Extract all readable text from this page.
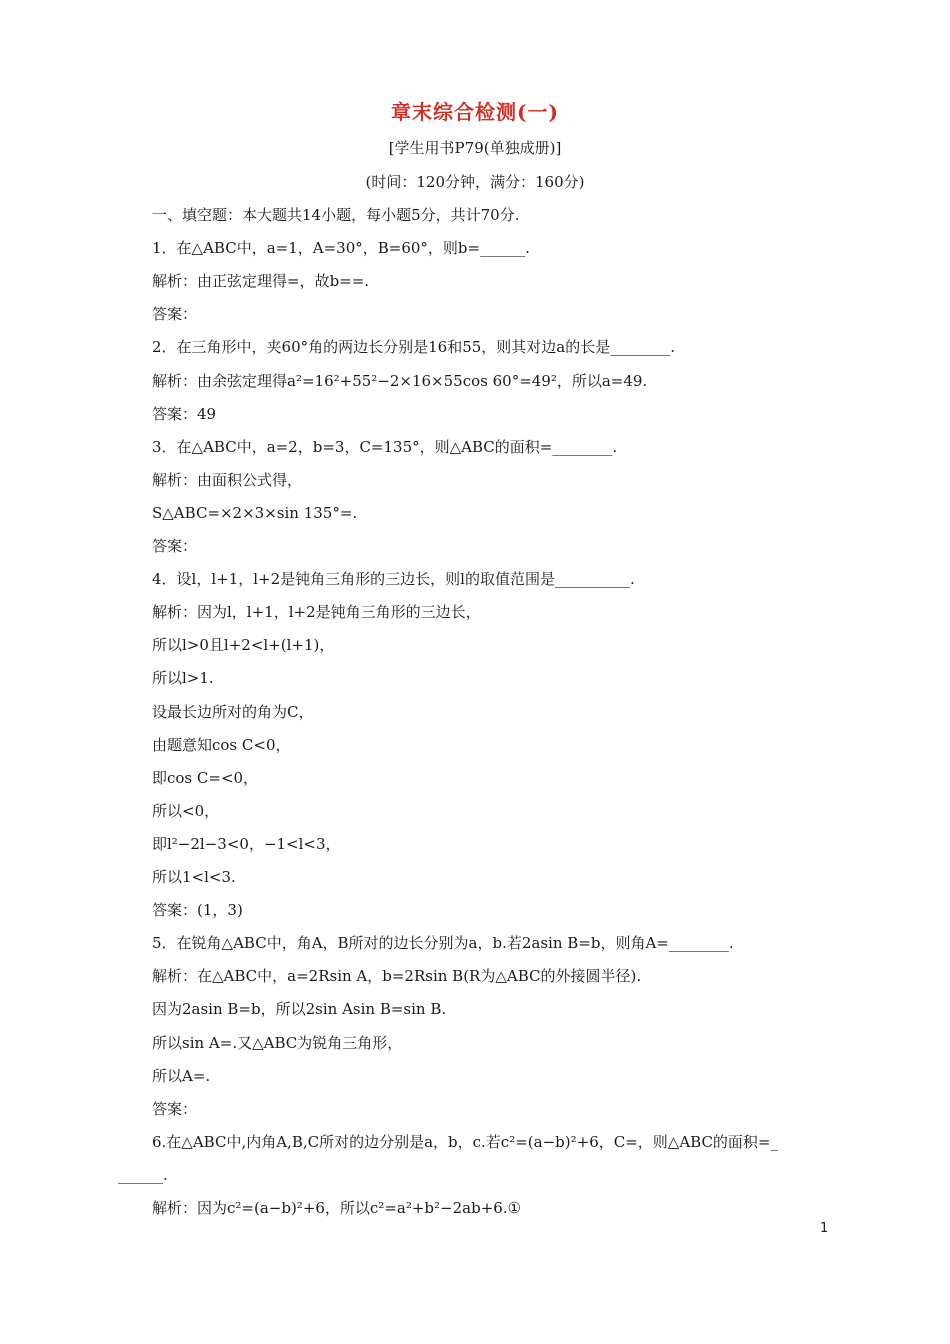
章末综合检测(一)
[学生用书P79(单独成册)]
(时间：120分钟，满分：160分)
一、填空题：本大题共14小题，每小题5分，共计70分.
1．在△ABC中，a=1，A=30°，B=60°，则b=______.
解析：由正弦定理得=，故b==.
答案：
2．在三角形中，夹60°角的两边长分别是16和55，则其对边a的长是________.
解析：由余弦定理得a²=16²+55²−2×16×55cos 60°=49²，所以a=49.
答案：49
3．在△ABC中，a=2，b=3，C=135°，则△ABC的面积=________.
解析：由面积公式得，
S△ABC=×2×3×sin 135°=.
答案：
4．设l，l+1，l+2是钝角三角形的三边长，则l的取值范围是__________.
解析：因为l，l+1，l+2是钝角三角形的三边长，
所以l>0且l+2<l+(l+1)，
所以l>1.
设最长边所对的角为C，
由题意知cos C<0，
即cos C=<0，
所以<0，
即l²−2l−3<0，−1<l<3，
所以1<l<3.
答案：(1，3)
5．在锐角△ABC中，角A，B所对的边长分别为a，b.若2asin B=b，则角A=________.
解析：在△ABC中，a=2Rsin A，b=2Rsin B(R为△ABC的外接圆半径).
因为2asin B=b，所以2sin Asin B=sin B.
所以sin A=.又△ABC为锐角三角形，
所以A=.
答案：
6.在△ABC中,内角A,B,C所对的边分别是a，b，c.若c²=(a−b)²+6，C=，则△ABC的面积=_
______.
解析：因为c²=(a−b)²+6，所以c²=a²+b²−2ab+6.①
1
